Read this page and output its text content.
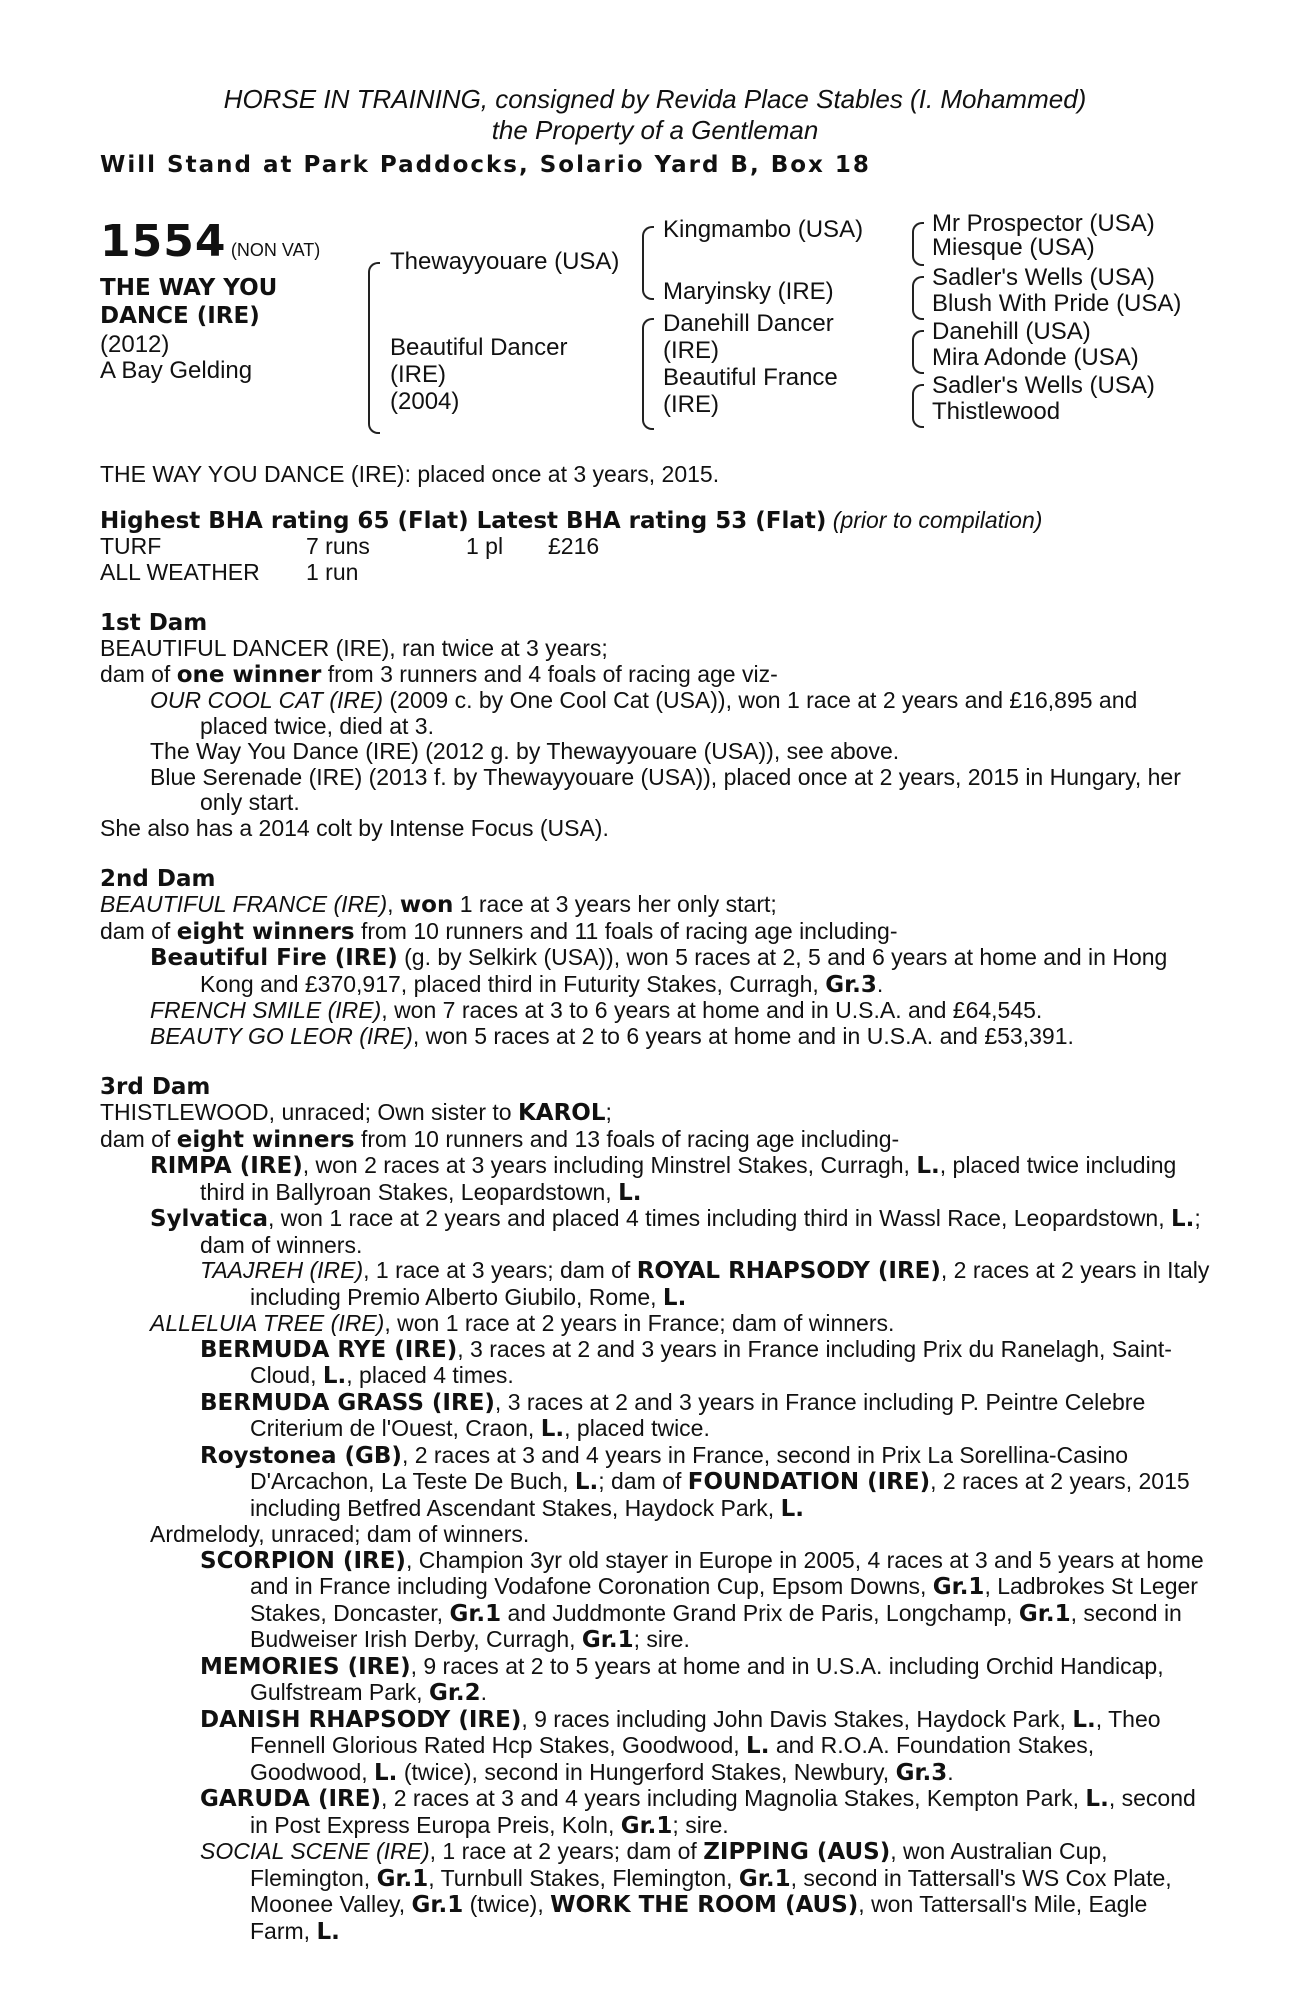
HORSE IN TRAINING, consigned by Revida Place Stables (I. Mohammed)
the Property of a Gentleman
Will Stand at Park Paddocks, Solario Yard B, Box 18
1554 (NON VAT)
THE WAY YOU
DANCE (IRE)
(2012)
A Bay Gelding
Thewayyouare (USA)
Beautiful Dancer
(IRE)
(2004)
Kingmambo (USA)
Maryinsky (IRE)
Danehill Dancer
(IRE)
Beautiful France
(IRE)
Mr Prospector (USA)
Miesque (USA)
Sadler's Wells (USA)
Blush With Pride (USA)
Danehill (USA)
Mira Adonde (USA)
Sadler's Wells (USA)
Thistlewood
THE WAY YOU DANCE (IRE): placed once at 3 years, 2015.
Highest BHA rating 65 (Flat) Latest BHA rating 53 (Flat) (prior to compilation)
TURF	7 runs	1 pl £216
ALL WEATHER 1 run
1st Dam
BEAUTIFUL DANCER (IRE), ran twice at 3 years;
dam of one winner from 3 runners and 4 foals of racing age viz-
OUR COOL CAT (IRE) (2009 c. by One Cool Cat (USA)), won 1 race at 2 years and £16,895 and placed twice, died at 3.
The Way You Dance (IRE) (2012 g. by Thewayyouare (USA)), see above.
Blue Serenade (IRE) (2013 f. by Thewayyouare (USA)), placed once at 2 years, 2015 in Hungary, her only start.
She also has a 2014 colt by Intense Focus (USA).
2nd Dam
BEAUTIFUL FRANCE (IRE), won 1 race at 3 years her only start;
dam of eight winners from 10 runners and 11 foals of racing age including-
Beautiful Fire (IRE) (g. by Selkirk (USA)), won 5 races at 2, 5 and 6 years at home and in Hong Kong and £370,917, placed third in Futurity Stakes, Curragh, Gr.3.
FRENCH SMILE (IRE), won 7 races at 3 to 6 years at home and in U.S.A. and £64,545.
BEAUTY GO LEOR (IRE), won 5 races at 2 to 6 years at home and in U.S.A. and £53,391.
3rd Dam
THISTLEWOOD, unraced; Own sister to KAROL;
dam of eight winners from 10 runners and 13 foals of racing age including-
RIMPA (IRE), won 2 races at 3 years including Minstrel Stakes, Curragh, L., placed twice including third in Ballyroan Stakes, Leopardstown, L.
Sylvatica, won 1 race at 2 years and placed 4 times including third in Wassl Race, Leopardstown, L.; dam of winners.
TAAJREH (IRE), 1 race at 3 years; dam of ROYAL RHAPSODY (IRE), 2 races at 2 years in Italy including Premio Alberto Giubilo, Rome, L.
ALLELUIA TREE (IRE), won 1 race at 2 years in France; dam of winners.
BERMUDA RYE (IRE), 3 races at 2 and 3 years in France including Prix du Ranelagh, Saint-Cloud, L., placed 4 times.
BERMUDA GRASS (IRE), 3 races at 2 and 3 years in France including P. Peintre Celebre Criterium de l'Ouest, Craon, L., placed twice.
Roystonea (GB), 2 races at 3 and 4 years in France, second in Prix La Sorellina-Casino D'Arcachon, La Teste De Buch, L.; dam of FOUNDATION (IRE), 2 races at 2 years, 2015 including Betfred Ascendant Stakes, Haydock Park, L.
Ardmelody, unraced; dam of winners.
SCORPION (IRE), Champion 3yr old stayer in Europe in 2005, 4 races at 3 and 5 years at home and in France including Vodafone Coronation Cup, Epsom Downs, Gr.1, Ladbrokes St Leger Stakes, Doncaster, Gr.1 and Juddmonte Grand Prix de Paris, Longchamp, Gr.1, second in Budweiser Irish Derby, Curragh, Gr.1; sire.
MEMORIES (IRE), 9 races at 2 to 5 years at home and in U.S.A. including Orchid Handicap, Gulfstream Park, Gr.2.
DANISH RHAPSODY (IRE), 9 races including John Davis Stakes, Haydock Park, L., Theo Fennell Glorious Rated Hcp Stakes, Goodwood, L. and R.O.A. Foundation Stakes, Goodwood, L. (twice), second in Hungerford Stakes, Newbury, Gr.3.
GARUDA (IRE), 2 races at 3 and 4 years including Magnolia Stakes, Kempton Park, L., second in Post Express Europa Preis, Koln, Gr.1; sire.
SOCIAL SCENE (IRE), 1 race at 2 years; dam of ZIPPING (AUS), won Australian Cup, Flemington, Gr.1, Turnbull Stakes, Flemington, Gr.1, second in Tattersall's WS Cox Plate, Moonee Valley, Gr.1 (twice), WORK THE ROOM (AUS), won Tattersall's Mile, Eagle Farm, L.
